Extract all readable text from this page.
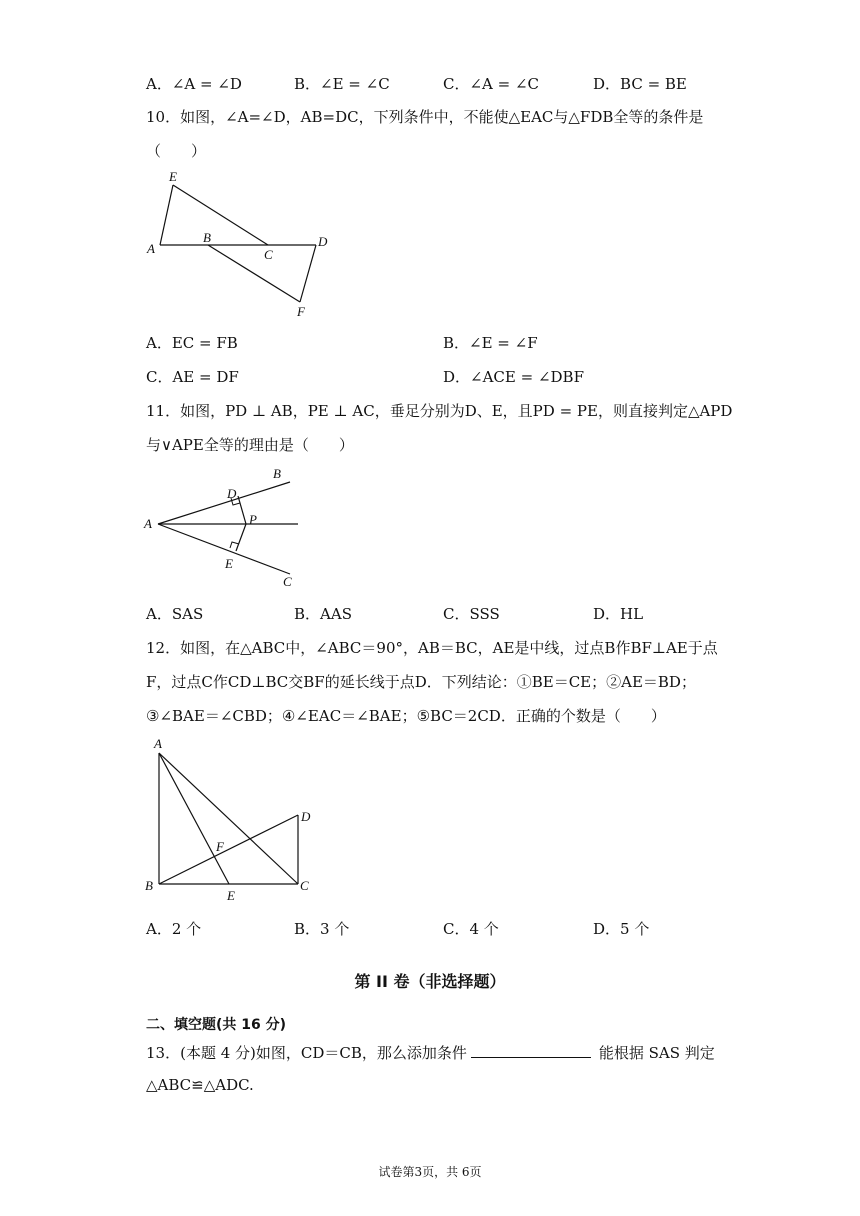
A．∠A = ∠D	B．∠E = ∠C	C．∠A = ∠C	D．BC = BE
10．如图，∠A=∠D，AB=DC，下列条件中，不能使△EAC与△FDB全等的条件是
（　　）
E
A
B
C
D
F
A．EC = FB	B．∠E = ∠F
C．AE = DF	D．∠ACE = ∠DBF
11．如图，PD ⊥ AB，PE ⊥ AC，垂足分别为D、E，且PD = PE，则直接判定△APD
与∨APE全等的理由是（　　）
B
D
A	P
E
C
A．SAS	B．AAS	C．SSS	D．HL
12．如图，在△ABC中，∠ABC＝90°，AB＝BC，AE是中线，过点B作BF⊥AE于点
F，过点C作CD⊥BC交BF的延长线于点D．下列结论：①BE＝CE；②AE＝BD；
③∠BAE＝∠CBD；④∠EAC＝∠BAE；⑤BC＝2CD．正确的个数是（　　）
A
D
F
B	C
E
A．2 个	B．3 个	C．4 个	D．5 个
第 II 卷（非选择题）
二、填空题(共 16 分)
13．(本题 4 分)如图，CD＝CB，那么添加条件	能根据 SAS 判定
△ABC≌△ADC.
试卷第3页，共 6页
